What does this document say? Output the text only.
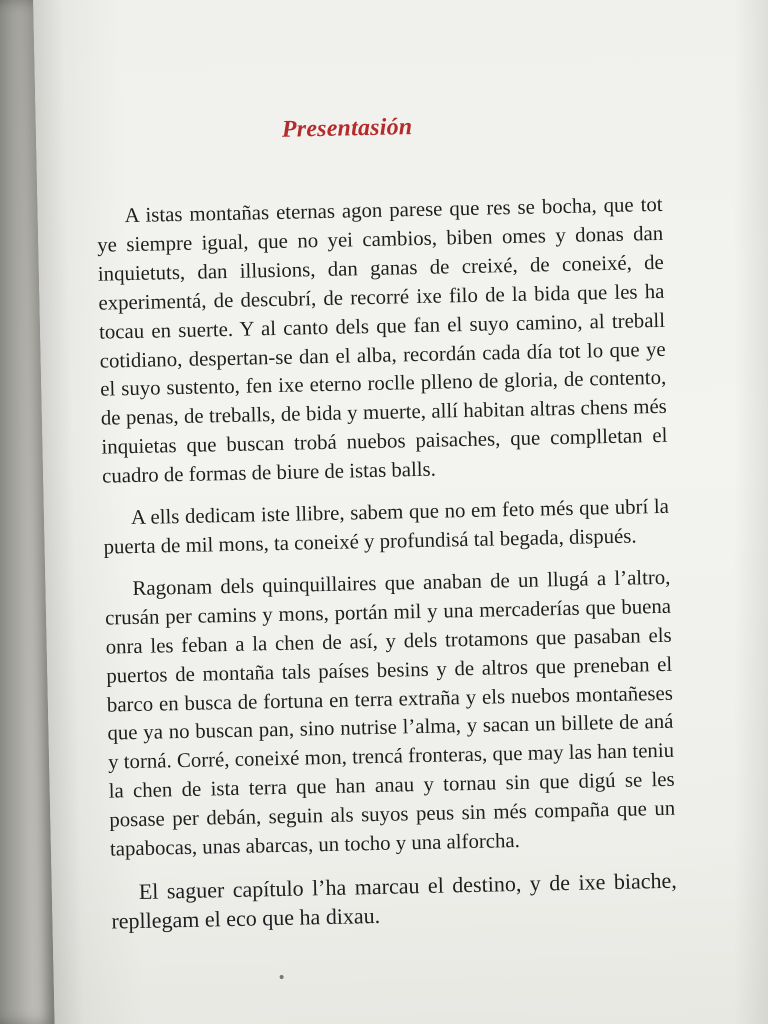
Presentasión

A istas montañas eternas agon parese que res se bocha, que tot ye siempre igual, que no yei cambios, biben omes y donas dan inquietuts, dan illusions, dan ganas de creixé, de coneixé, de experimentá, de descubrí, de recorré ixe filo de la bida que les ha tocau en suerte. Y al canto dels que fan el suyo camino, al treball cotidiano, despertan-se dan el alba, recordán cada día tot lo que ye el suyo sustento, fen ixe eterno roclle plleno de gloria, de contento, de penas, de treballs, de bida y muerte, allí habitan altras chens més inquietas que buscan trobá nuebos paisaches, que complletan el cuadro de formas de biure de istas balls.

A ells dedicam iste llibre, sabem que no em feto més que ubrí la puerta de mil mons, ta coneixé y profundisá tal begada, dispués.

Ragonam dels quinquillaires que anaban de un llugá a l’altro, crusán per camins y mons, portán mil y una mercaderías que buena onra les feban a la chen de así, y dels trotamons que pasaban els puertos de montaña tals países besins y de altros que preneban el barco en busca de fortuna en terra extraña y els nuebos montañeses que ya no buscan pan, sino nutrise l’alma, y sacan un billete de aná y torná. Corré, coneixé mon, trencá fronteras, que may las han teniu la chen de ista terra que han anau y tornau sin que digú se les posase per debán, seguin als suyos peus sin més compaña que un tapabocas, unas abarcas, un tocho y una alforcha.

El saguer capítulo l’ha marcau el destino, y de ixe biache, repllegam el eco que ha dixau.
